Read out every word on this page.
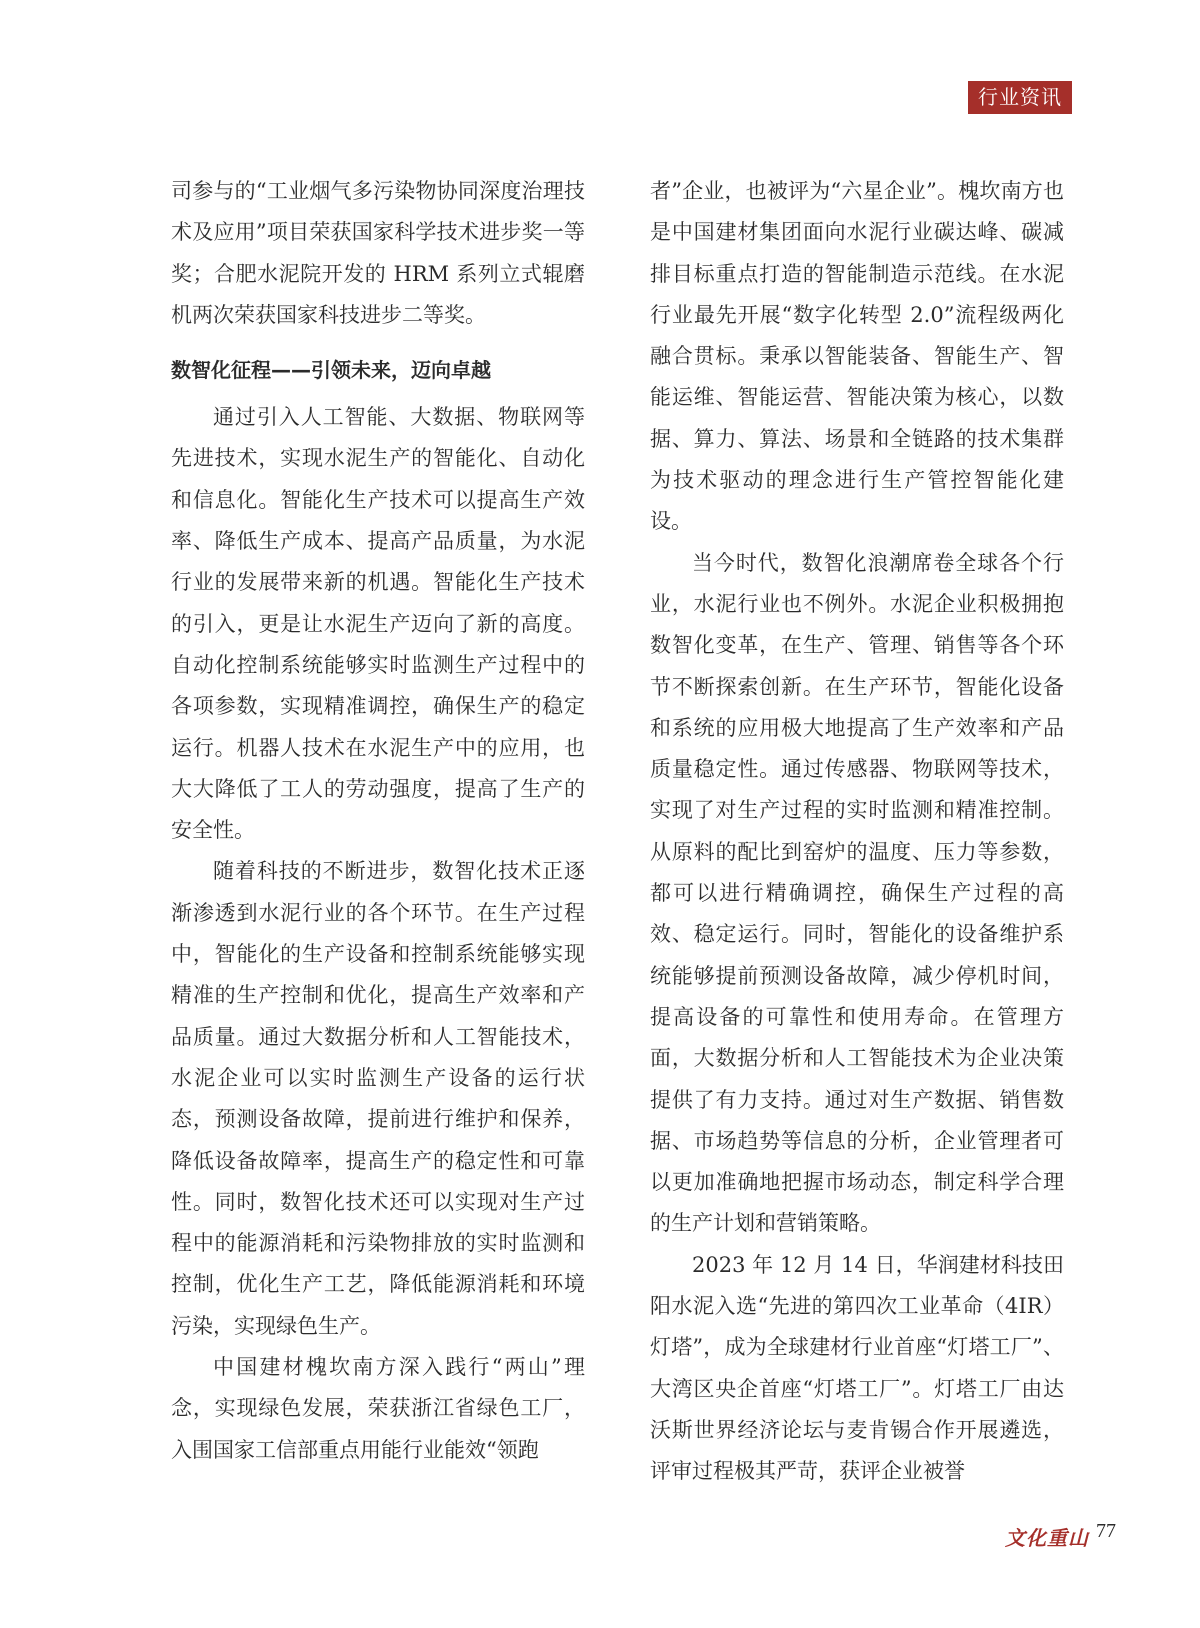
行业资讯

司参与的“工业烟气多污染物协同深度治理技术及应用”项目荣获国家科学技术进步奖一等奖；合肥水泥院开发的 HRM 系列立式辊磨机两次荣获国家科技进步二等奖。

数智化征程——引领未来，迈向卓越

通过引入人工智能、大数据、物联网等先进技术，实现水泥生产的智能化、自动化和信息化。智能化生产技术可以提高生产效率、降低生产成本、提高产品质量，为水泥行业的发展带来新的机遇。智能化生产技术的引入，更是让水泥生产迈向了新的高度。自动化控制系统能够实时监测生产过程中的各项参数，实现精准调控，确保生产的稳定运行。机器人技术在水泥生产中的应用，也大大降低了工人的劳动强度，提高了生产的安全性。

随着科技的不断进步，数智化技术正逐渐渗透到水泥行业的各个环节。在生产过程中，智能化的生产设备和控制系统能够实现精准的生产控制和优化，提高生产效率和产品质量。通过大数据分析和人工智能技术，水泥企业可以实时监测生产设备的运行状态，预测设备故障，提前进行维护和保养，降低设备故障率，提高生产的稳定性和可靠性。同时，数智化技术还可以实现对生产过程中的能源消耗和污染物排放的实时监测和控制，优化生产工艺，降低能源消耗和环境污染，实现绿色生产。

中国建材槐坎南方深入践行“两山”理念，实现绿色发展，荣获浙江省绿色工厂，入围国家工信部重点用能行业能效“领跑

者”企业，也被评为“六星企业”。槐坎南方也是中国建材集团面向水泥行业碳达峰、碳减排目标重点打造的智能制造示范线。在水泥行业最先开展“数字化转型 2.0”流程级两化融合贯标。秉承以智能装备、智能生产、智能运维、智能运营、智能决策为核心，以数据、算力、算法、场景和全链路的技术集群为技术驱动的理念进行生产管控智能化建设。

当今时代，数智化浪潮席卷全球各个行业，水泥行业也不例外。水泥企业积极拥抱数智化变革，在生产、管理、销售等各个环节不断探索创新。在生产环节，智能化设备和系统的应用极大地提高了生产效率和产品质量稳定性。通过传感器、物联网等技术，实现了对生产过程的实时监测和精准控制。从原料的配比到窑炉的温度、压力等参数，都可以进行精确调控，确保生产过程的高效、稳定运行。同时，智能化的设备维护系统能够提前预测设备故障，减少停机时间，提高设备的可靠性和使用寿命。在管理方面，大数据分析和人工智能技术为企业决策提供了有力支持。通过对生产数据、销售数据、市场趋势等信息的分析，企业管理者可以更加准确地把握市场动态，制定科学合理的生产计划和营销策略。

2023 年 12 月 14 日，华润建材科技田阳水泥入选“先进的第四次工业革命（4IR）灯塔”，成为全球建材行业首座“灯塔工厂”、大湾区央企首座“灯塔工厂”。灯塔工厂由达沃斯世界经济论坛与麦肯锡合作开展遴选，评审过程极其严苛，获评企业被誉

文化重山 77
